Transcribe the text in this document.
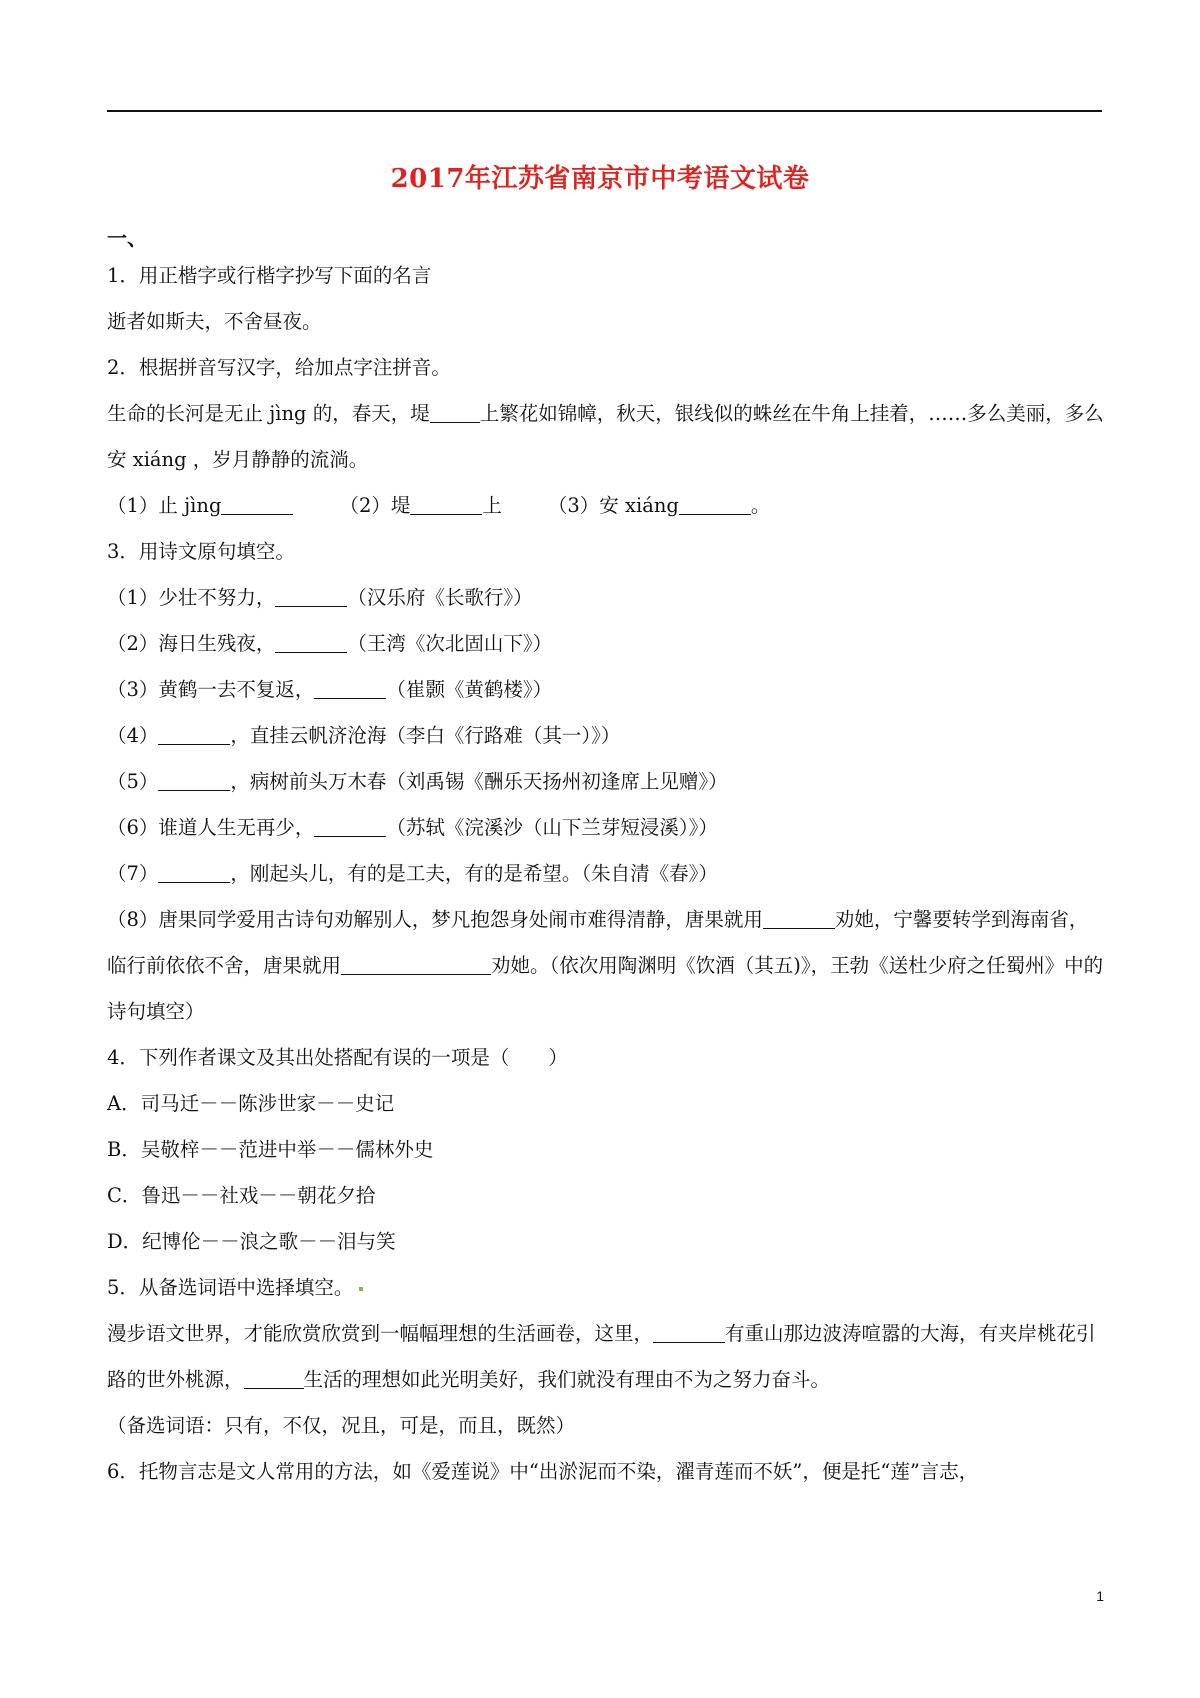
2017年江苏省南京市中考语文试卷
一、

1．用正楷字或行楷字抄写下面的名言

逝者如斯夫，不舍昼夜。

2．根据拼音写汉字，给加点字注拼音。

生命的长河是无止 jìng 的，春天，堤	上繁花如锦幛，秋天，银线似的蛛丝在牛角上挂着，……多么美丽，多么安 xiáng ，岁月静静的流淌。

（1）止 jìng	（2）堤	上 （3）安 xiáng	。

3．用诗文原句填空。

（1）少壮不努力，	（汉乐府《长歌行》）

（2）海日生残夜，	（王湾《次北固山下》）

（3）黄鹤一去不复返，	（崔颢《黄鹤楼》）

（4）	，直挂云帆济沧海（李白《行路难（其一）》）

（5）	，病树前头万木春（刘禹锡《酬乐天扬州初逢席上见赠》）

（6）谁道人生无再少，	（苏轼《浣溪沙（山下兰芽短浸溪）》）

（7）	，刚起头儿，有的是工夫，有的是希望。（朱自清《春》）

（8）唐果同学爱用古诗句劝解别人，梦凡抱怨身处闹市难得清静，唐果就用	劝她，宁馨要转学到海南省，临行前依依不舍，唐果就用	劝她。（依次用陶渊明《饮酒（其五)》，王勃《送杜少府之任蜀州》中的诗句填空）

4．下列作者课文及其出处搭配有误的一项是（　　）

A．司马迁－－陈涉世家－－史记

B．吴敬梓－－范进中举－－儒林外史

C．鲁迅－－社戏－－朝花夕拾

D．纪博伦－－浪之歌－－泪与笑

5．从备选词语中选择填空。

漫步语文世界，才能欣赏欣赏到一幅幅理想的生活画卷，这里，	有重山那边波涛喧嚣的大海，有夹岸桃花引路的世外桃源，	生活的理想如此光明美好，我们就没有理由不为之努力奋斗。

（备选词语：只有，不仅，况且，可是，而且，既然）

6．托物言志是文人常用的方法，如《爱莲说》中“出淤泥而不染，濯青莲而不妖”，便是托“莲”言志，

1
